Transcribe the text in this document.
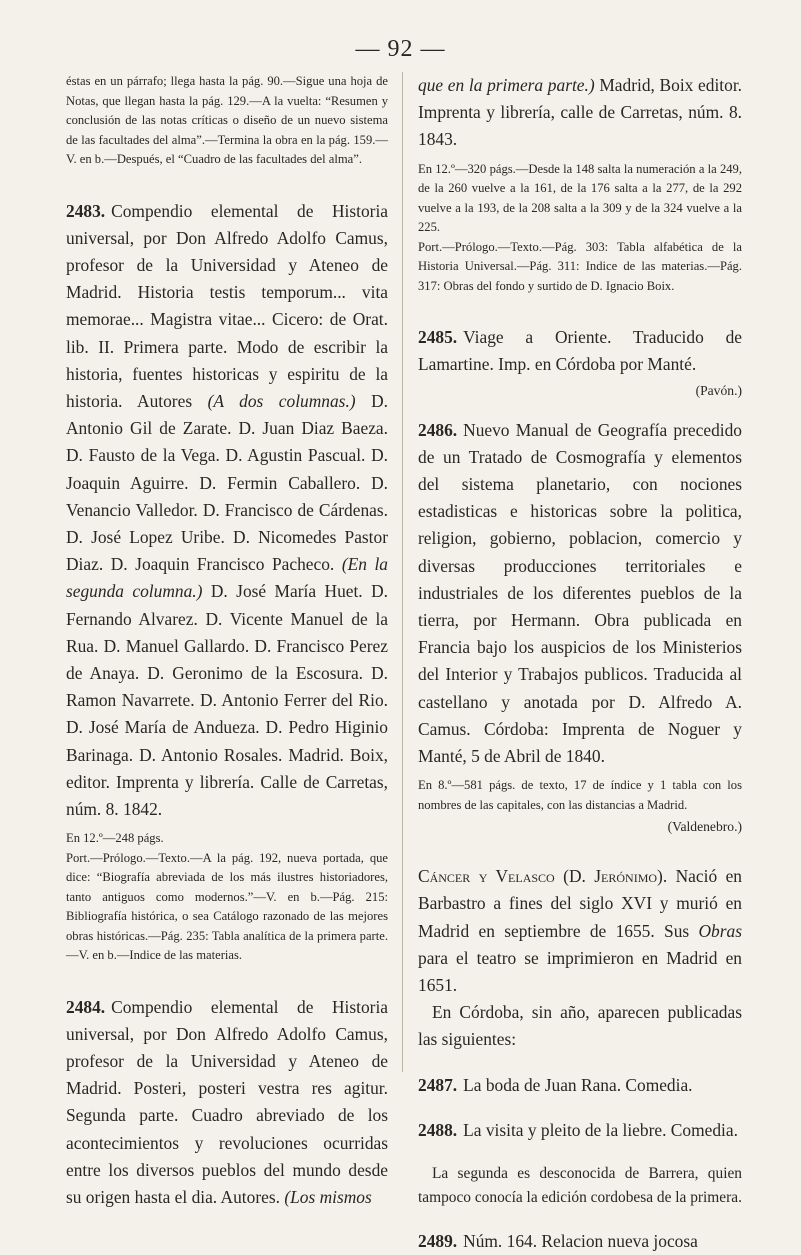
— 92 —

éstas en un párrafo; llega hasta la pág. 90.—Sigue una hoja de Notas, que llegan hasta la pág. 129.—A la vuelta: “Resumen y conclusión de las notas críticas o diseño de un nuevo sistema de las facultades del alma”.—Termina la obra en la pág. 159.—V. en b.—Después, el “Cuadro de las facultades del alma”.

2483. Compendio elemental de Historia universal, por Don Alfredo Adolfo Camus, profesor de la Universidad y Ateneo de Madrid. Historia testis temporum... vita memorae... Magistra vitae... Cicero: de Orat. lib. II. Primera parte. Modo de escribir la historia, fuentes historicas y espiritu de la historia. Autores (A dos columnas.) D. Antonio Gil de Zarate. D. Juan Diaz Baeza. D. Fausto de la Vega. D. Agustin Pascual. D. Joaquin Aguirre. D. Fermin Caballero. D. Venancio Valledor. D. Francisco de Cárdenas. D. José Lopez Uribe. D. Nicomedes Pastor Diaz. D. Joaquin Francisco Pacheco. (En la segunda columna.) D. José María Huet. D. Fernando Alvarez. D. Vicente Manuel de la Rua. D. Manuel Gallardo. D. Francisco Perez de Anaya. D. Geronimo de la Escosura. D. Ramon Navarrete. D. Antonio Ferrer del Rio. D. José María de Andueza. D. Pedro Higinio Barinaga. D. Antonio Rosales. Madrid. Boix, editor. Imprenta y librería. Calle de Carretas, núm. 8. 1842.

En 12.º—248 págs.
Port.—Prólogo.—Texto.—A la pág. 192, nueva portada, que dice: “Biografía abreviada de los más ilustres historiadores, tanto antiguos como modernos.”—V. en b.—Pág. 215: Bibliografía histórica, o sea Catálogo razonado de las mejores obras históricas.—Pág. 235: Tabla analítica de la primera parte.—V. en b.—Indice de las materias.

2484. Compendio elemental de Historia universal, por Don Alfredo Adolfo Camus, profesor de la Universidad y Ateneo de Madrid. Posteri, posteri vestra res agitur. Segunda parte. Cuadro abreviado de los acontecimientos y revoluciones ocurridas entre los diversos pueblos del mundo desde su origen hasta el dia. Autores. (Los mismos

que en la primera parte.) Madrid, Boix editor. Imprenta y librería, calle de Carretas, núm. 8. 1843.

En 12.º—320 págs.—Desde la 148 salta la numeración a la 249, de la 260 vuelve a la 161, de la 176 salta a la 277, de la 292 vuelve a la 193, de la 208 salta a la 309 y de la 324 vuelve a la 225.
Port.—Prólogo.—Texto.—Pág. 303: Tabla alfabética de la Historia Universal.—Pág. 311: Indice de las materias.—Pág. 317: Obras del fondo y surtido de D. Ignacio Boix.

2485. Viage a Oriente. Traducido de Lamartine. Imp. en Córdoba por Manté.

(Pavón.)

2486. Nuevo Manual de Geografía precedido de un Tratado de Cosmografía y elementos del sistema planetario, con nociones estadisticas e historicas sobre la politica, religion, gobierno, poblacion, comercio y diversas producciones territoriales e industriales de los diferentes pueblos de la tierra, por Hermann. Obra publicada en Francia bajo los auspicios de los Ministerios del Interior y Trabajos publicos. Traducida al castellano y anotada por D. Alfredo A. Camus. Córdoba: Imprenta de Noguer y Manté, 5 de Abril de 1840.

En 8.º—581 págs. de texto, 17 de índice y 1 tabla con los nombres de las capitales, con las distancias a Madrid.

(Valdenebro.)

Cáncer y Velasco (D. Jerónimo). Nació en Barbastro a fines del siglo XVI y murió en Madrid en septiembre de 1655. Sus Obras para el teatro se imprimieron en Madrid en 1651.

En Córdoba, sin año, aparecen publicadas las siguientes:

2487. La boda de Juan Rana. Comedia.

2488. La visita y pleito de la liebre. Comedia.

La segunda es desconocida de Barrera, quien tampoco conocía la edición cordobesa de la primera.

2489. Núm. 164. Relacion nueva jocosa
